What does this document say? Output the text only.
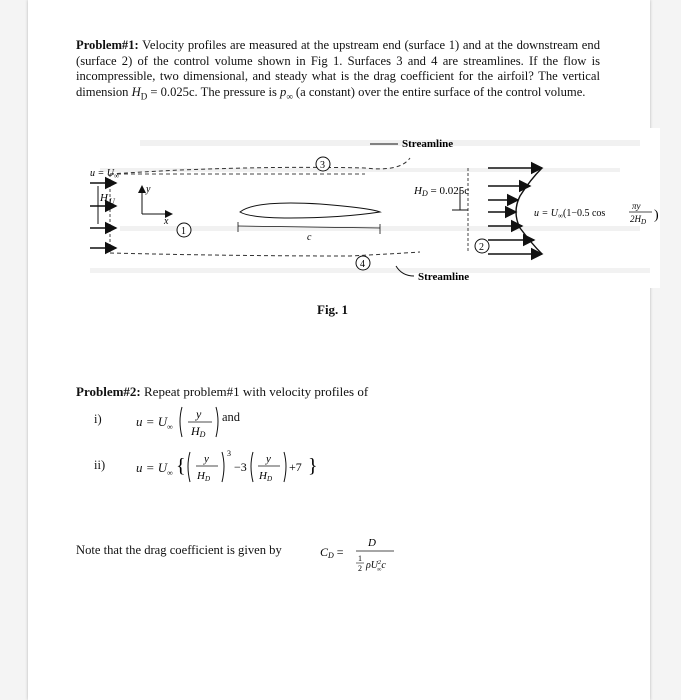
Problem#1: Velocity profiles are measured at the upstream end (surface 1) and at the downstream end (surface 2) of the control volume shown in Fig 1. Surfaces 3 and 4 are streamlines. If the flow is incompressible, two dimensional, and steady what is the drag coefficient for the airfoil? The vertical dimension $H_D = 0.025c$. The pressure is $p_\infty$ (a constant) over the entire surface of the control volume.
H U
$u = U_\infty$
y
x
c
3
4
1
2
Streamline
Streamline
HD = 0.025c
$u = U_\infty(1-0.5$ cos
πy
$2H_D$ )
Fig. 1
Problem#2: Repeat problem#1 with velocity profiles of
i)	$u = U_\infty$
y
HD
and
ii) $u = U_\infty$ { y
HD
3
−3
y
HD
+7 }
Note that the drag coefficient is given by	CD =
D
1
2 $\rho U^2$ ∞c
